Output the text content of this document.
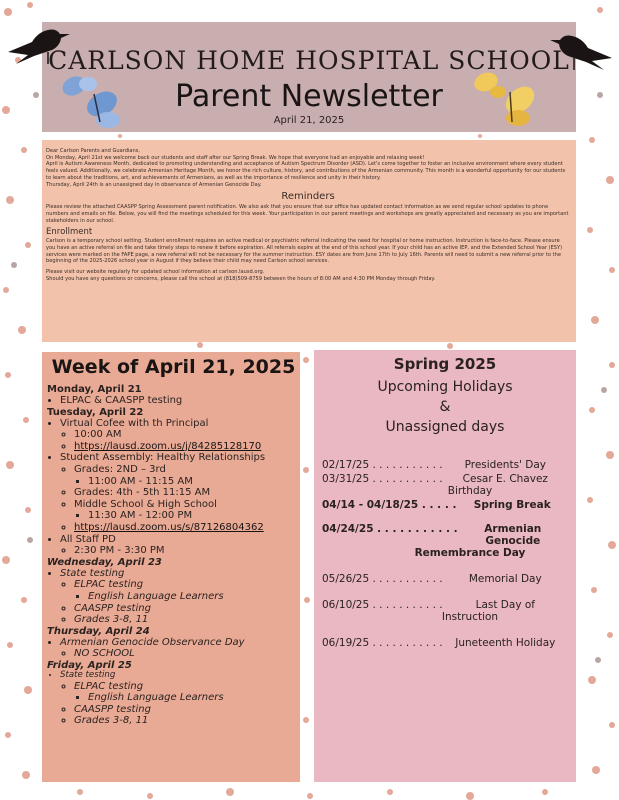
CARLSON HOME HOSPITAL SCHOOL
Parent Newsletter
April 21, 2025

Dear Carlson Parents and Guardians,

On Monday, April 21st we welcome back our students and staff after our Spring Break. We hope that everyone had an enjoyable and relaxing week!

April is Autism Awareness Month, dedicated to promoting understanding and acceptance of Autism Spectrum Disorder (ASD). Let's come together to foster an inclusive environment where every student feels valued. Additionally, we celebrate Armenian Heritage Month, we honor the rich culture, history, and contributions of the Armenian community. This month is a wonderful opportunity for our students to learn about the traditions, art, and achievements of Armenians, as well as the importance of resilience and unity in their history.

Thursday, April 24th is an unassigned day in observance of Armenian Genocide Day.

Reminders

Please review the attached CAASPP Spring Assessment parent notification. We also ask that you ensure that our office has updated contact information as we send regular school updates to phone numbers and emails on file. Below, you will find the meetings scheduled for this week. Your participation in our parent meetings and workshops are greatly appreciated and necessary as you are important stakeholders in our school.

Enrollment

Carlson is a temporary school setting. Student enrollment requires an active medical or psychiatric referral indicating the need for hospital or home instruction. Instruction is face-to-face. Please ensure you have an active referral on file and take timely steps to renew it before expiration. All referrals expire at the end of this school year. If your child has an active IEP, and the Extended School Year (ESY) services were marked on the FAPE page, a new referral will not be necessary for the summer instruction. ESY dates are from June 17th to July 16th. Parents will need to submit a new referral prior to the beginning of the 2025-2026 school year in August if they believe their child may need Carlson school services.

Please visit our website regularly for updated school information at carlson.lausd.org.

Should you have any questions or concerns, please call the school at (818)509-8759 between the hours of 8:00 AM and 4:30 PM Monday through Friday.

Week of April 21, 2025
Monday, April 21
• ELPAC & CAASPP testing
Tuesday, April 22
• Virtual Cofee with th Principal
◦ 10:00 AM
◦ https://lausd.zoom.us/j/84285128170
• Student Assembly: Healthy Relationships
◦ Grades: 2ND – 3rd
▪ 11:00 AM - 11:15 AM
◦ Grades: 4th - 5th 11:15 AM
◦ Middle School & High School
▪ 11:30 AM - 12:00 PM
◦ https://lausd.zoom.us/s/87126804362
• All Staff PD
◦ 2:30 PM - 3:30 PM
Wednesday, April 23
• State testing
◦ ELPAC testing
▪ English Language Learners
◦ CAASPP testing
◦ Grades 3-8, 11
Thursday, April 24
• Armenian Genocide Observance Day
◦ NO SCHOOL
Friday, April 25
• State testing
◦ ELPAC testing
▪ English Language Learners
◦ CAASPP testing
◦ Grades 3-8, 11
Spring 2025
Upcoming Holidays
&
Unassigned days
02/17/25 . . . . . . . . . . .	Presidents' Day
03/31/25 . . . . . . . . . . .	Cesar E. Chavez
Birthday
04/14 - 04/18/25 . . . . .	Spring Break
04/24/25 . . . . . . . . . . .	Armenian Genocide
Remembrance Day
05/26/25 . . . . . . . . . . .	Memorial Day
06/10/25 . . . . . . . . . . .	Last Day of
Instruction
06/19/25 . . . . . . . . . . .	Juneteenth Holiday
